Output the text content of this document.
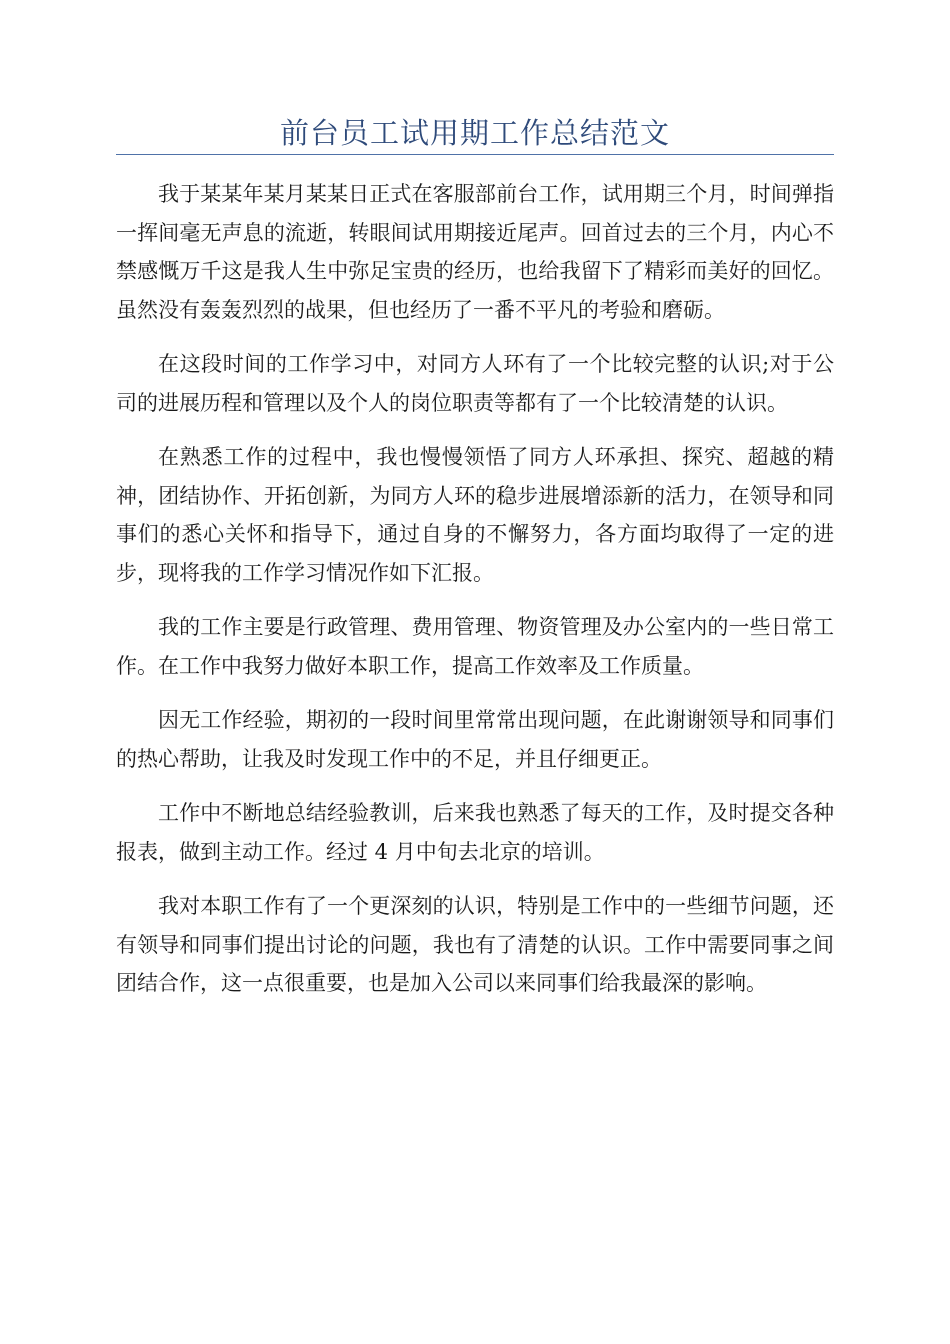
前台员工试用期工作总结范文

我于某某年某月某某日正式在客服部前台工作，试用期三个月，时间弹指一挥间毫无声息的流逝，转眼间试用期接近尾声。回首过去的三个月，内心不禁感慨万千这是我人生中弥足宝贵的经历，也给我留下了精彩而美好的回忆。虽然没有轰轰烈烈的战果，但也经历了一番不平凡的考验和磨砺。

在这段时间的工作学习中，对同方人环有了一个比较完整的认识;对于公司的进展历程和管理以及个人的岗位职责等都有了一个比较清楚的认识。

在熟悉工作的过程中，我也慢慢领悟了同方人环承担、探究、超越的精神，团结协作、开拓创新，为同方人环的稳步进展增添新的活力，在领导和同事们的悉心关怀和指导下，通过自身的不懈努力，各方面均取得了一定的进步，现将我的工作学习情况作如下汇报。

我的工作主要是行政管理、费用管理、物资管理及办公室内的一些日常工作。在工作中我努力做好本职工作，提高工作效率及工作质量。

因无工作经验，期初的一段时间里常常出现问题，在此谢谢领导和同事们的热心帮助，让我及时发现工作中的不足，并且仔细更正。

工作中不断地总结经验教训，后来我也熟悉了每天的工作，及时提交各种报表，做到主动工作。经过 4 月中旬去北京的培训。

我对本职工作有了一个更深刻的认识，特别是工作中的一些细节问题，还有领导和同事们提出讨论的问题，我也有了清楚的认识。工作中需要同事之间团结合作，这一点很重要，也是加入公司以来同事们给我最深的影响。
